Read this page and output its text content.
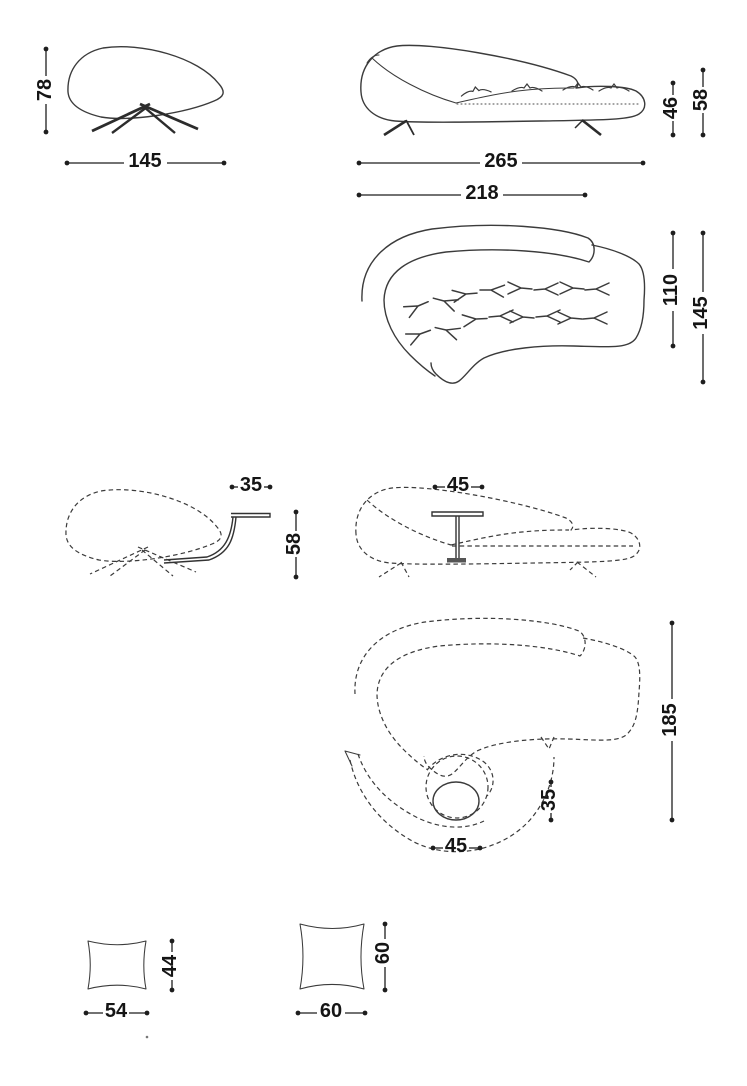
78
145	265
218
46 58
110
145
35
58
45
185
35
45
44
54
60
60
